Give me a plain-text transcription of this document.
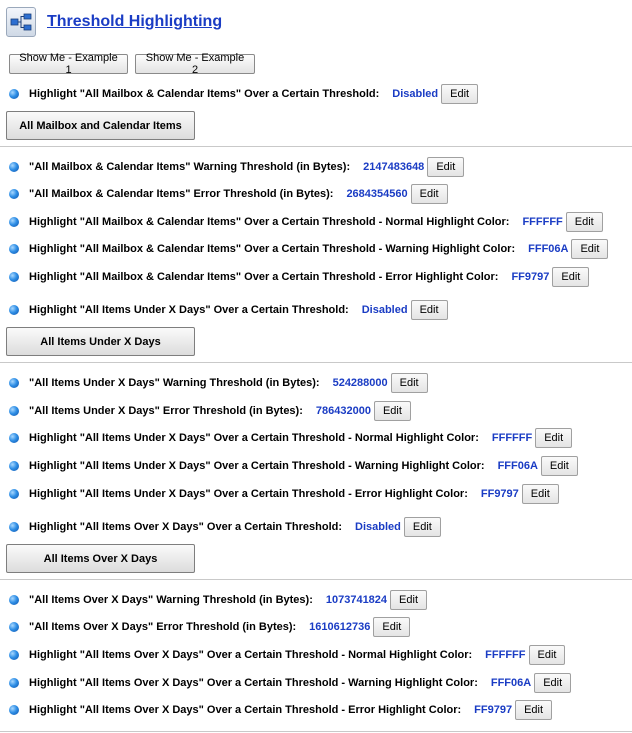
Threshold Highlighting
Show Me - Example 1
Show Me - Example 2
Highlight "All Mailbox & Calendar Items" Over a Certain Threshold: Disabled	Edit
All Mailbox and Calendar Items
"All Mailbox & Calendar Items" Warning Threshold (in Bytes): 2147483648	Edit
"All Mailbox & Calendar Items" Error Threshold (in Bytes): 2684354560	Edit
Highlight "All Mailbox & Calendar Items" Over a Certain Threshold - Normal Highlight Color: FFFFFF	Edit
Highlight "All Mailbox & Calendar Items" Over a Certain Threshold - Warning Highlight Color: FFF06A	Edit
Highlight "All Mailbox & Calendar Items" Over a Certain Threshold - Error Highlight Color: FF9797	Edit
Highlight "All Items Under X Days" Over a Certain Threshold: Disabled	Edit
All Items Under X Days
"All Items Under X Days" Warning Threshold (in Bytes): 524288000	Edit
"All Items Under X Days" Error Threshold (in Bytes): 786432000	Edit
Highlight "All Items Under X Days" Over a Certain Threshold - Normal Highlight Color: FFFFFF	Edit
Highlight "All Items Under X Days" Over a Certain Threshold - Warning Highlight Color: FFF06A	Edit
Highlight "All Items Under X Days" Over a Certain Threshold - Error Highlight Color: FF9797	Edit
Highlight "All Items Over X Days" Over a Certain Threshold: Disabled	Edit
All Items Over X Days
"All Items Over X Days" Warning Threshold (in Bytes): 1073741824	Edit
"All Items Over X Days" Error Threshold (in Bytes): 1610612736	Edit
Highlight "All Items Over X Days" Over a Certain Threshold - Normal Highlight Color: FFFFFF	Edit
Highlight "All Items Over X Days" Over a Certain Threshold - Warning Highlight Color: FFF06A	Edit
Highlight "All Items Over X Days" Over a Certain Threshold - Error Highlight Color: FF9797	Edit
